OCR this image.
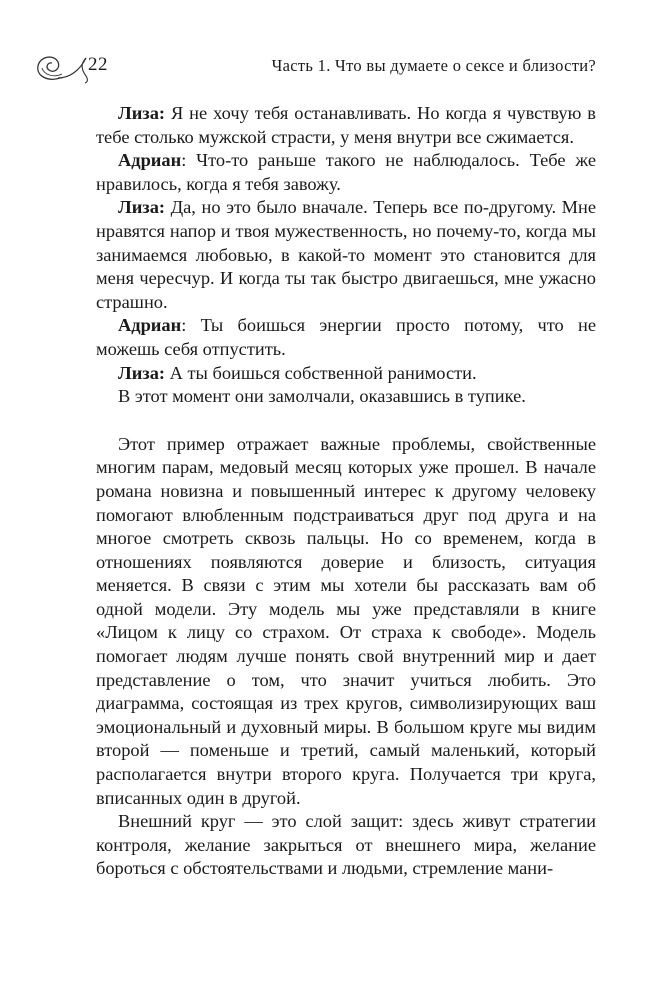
22	Часть 1. Что вы думаете о сексе и близости?

Лиза: Я не хочу тебя останавливать. Но когда я чувствую в тебе столько мужской страсти, у меня внутри все сжимается.

Адриан: Что-то раньше такого не наблюдалось. Тебе же нравилось, когда я тебя завожу.

Лиза: Да, но это было вначале. Теперь все по-другому. Мне нравятся напор и твоя мужественность, но почему-то, когда мы занимаемся любовью, в какой-то момент это становится для меня чересчур. И когда ты так быстро двигаешься, мне ужасно страшно.

Адриан: Ты боишься энергии просто потому, что не можешь себя отпустить.

Лиза: А ты боишься собственной ранимости.

В этот момент они замолчали, оказавшись в тупике.

Этот пример отражает важные проблемы, свойственные многим парам, медовый месяц которых уже прошел. В начале романа новизна и повышенный интерес к другому человеку помогают влюбленным подстраиваться друг под друга и на многое смотреть сквозь пальцы. Но со временем, когда в отношениях появляются доверие и близость, ситуация меняется. В связи с этим мы хотели бы рассказать вам об одной модели. Эту модель мы уже представляли в книге «Лицом к лицу со страхом. От страха к свободе». Модель помогает людям лучше понять свой внутренний мир и дает представление о том, что значит учиться любить. Это диаграмма, состоящая из трех кругов, символизирующих ваш эмоциональный и духовный миры. В большом круге мы видим второй — поменьше и третий, самый маленький, который располагается внутри второго круга. Получается три круга, вписанных один в другой.

Внешний круг — это слой защит: здесь живут стратегии контроля, желание закрыться от внешнего мира, желание бороться с обстоятельствами и людьми, стремление мани-
